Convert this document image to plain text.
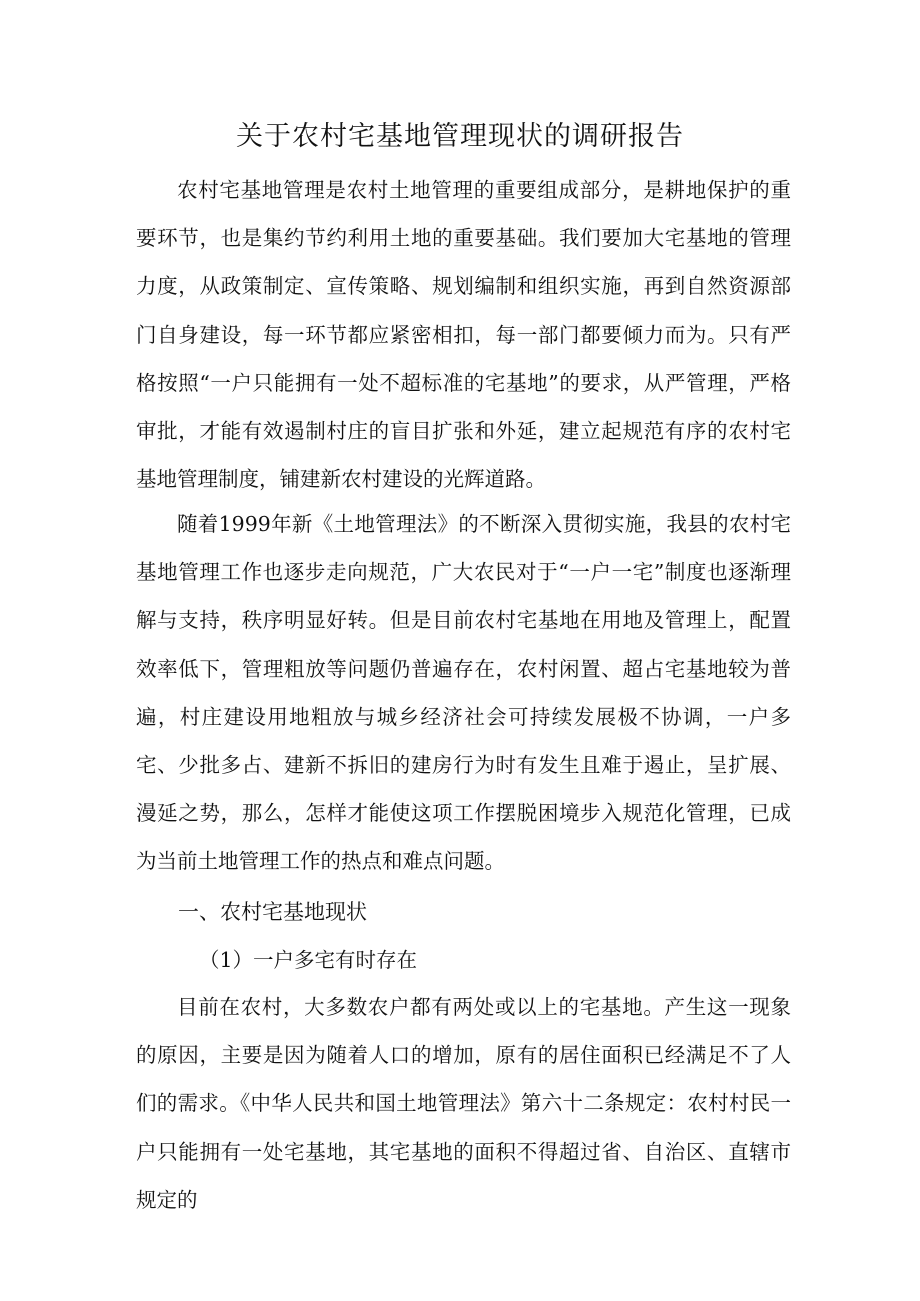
关于农村宅基地管理现状的调研报告

农村宅基地管理是农村土地管理的重要组成部分，是耕地保护的重要环节，也是集约节约利用土地的重要基础。我们要加大宅基地的管理力度，从政策制定、宣传策略、规划编制和组织实施，再到自然资源部门自身建设，每一环节都应紧密相扣，每一部门都要倾力而为。只有严格按照“一户只能拥有一处不超标准的宅基地”的要求，从严管理，严格审批，才能有效遏制村庄的盲目扩张和外延，建立起规范有序的农村宅基地管理制度，铺建新农村建设的光辉道路。

随着1999年新《土地管理法》的不断深入贯彻实施，我县的农村宅基地管理工作也逐步走向规范，广大农民对于“一户一宅”制度也逐渐理解与支持，秩序明显好转。但是目前农村宅基地在用地及管理上，配置效率低下，管理粗放等问题仍普遍存在，农村闲置、超占宅基地较为普遍，村庄建设用地粗放与城乡经济社会可持续发展极不协调，一户多宅、少批多占、建新不拆旧的建房行为时有发生且难于遏止，呈扩展、漫延之势，那么，怎样才能使这项工作摆脱困境步入规范化管理，已成为当前土地管理工作的热点和难点问题。

一、农村宅基地现状
（1）一户多宅有时存在

目前在农村，大多数农户都有两处或以上的宅基地。产生这一现象的原因，主要是因为随着人口的增加，原有的居住面积已经满足不了人们的需求。《中华人民共和国土地管理法》第六十二条规定：农村村民一户只能拥有一处宅基地，其宅基地的面积不得超过省、自治区、直辖市规定的
